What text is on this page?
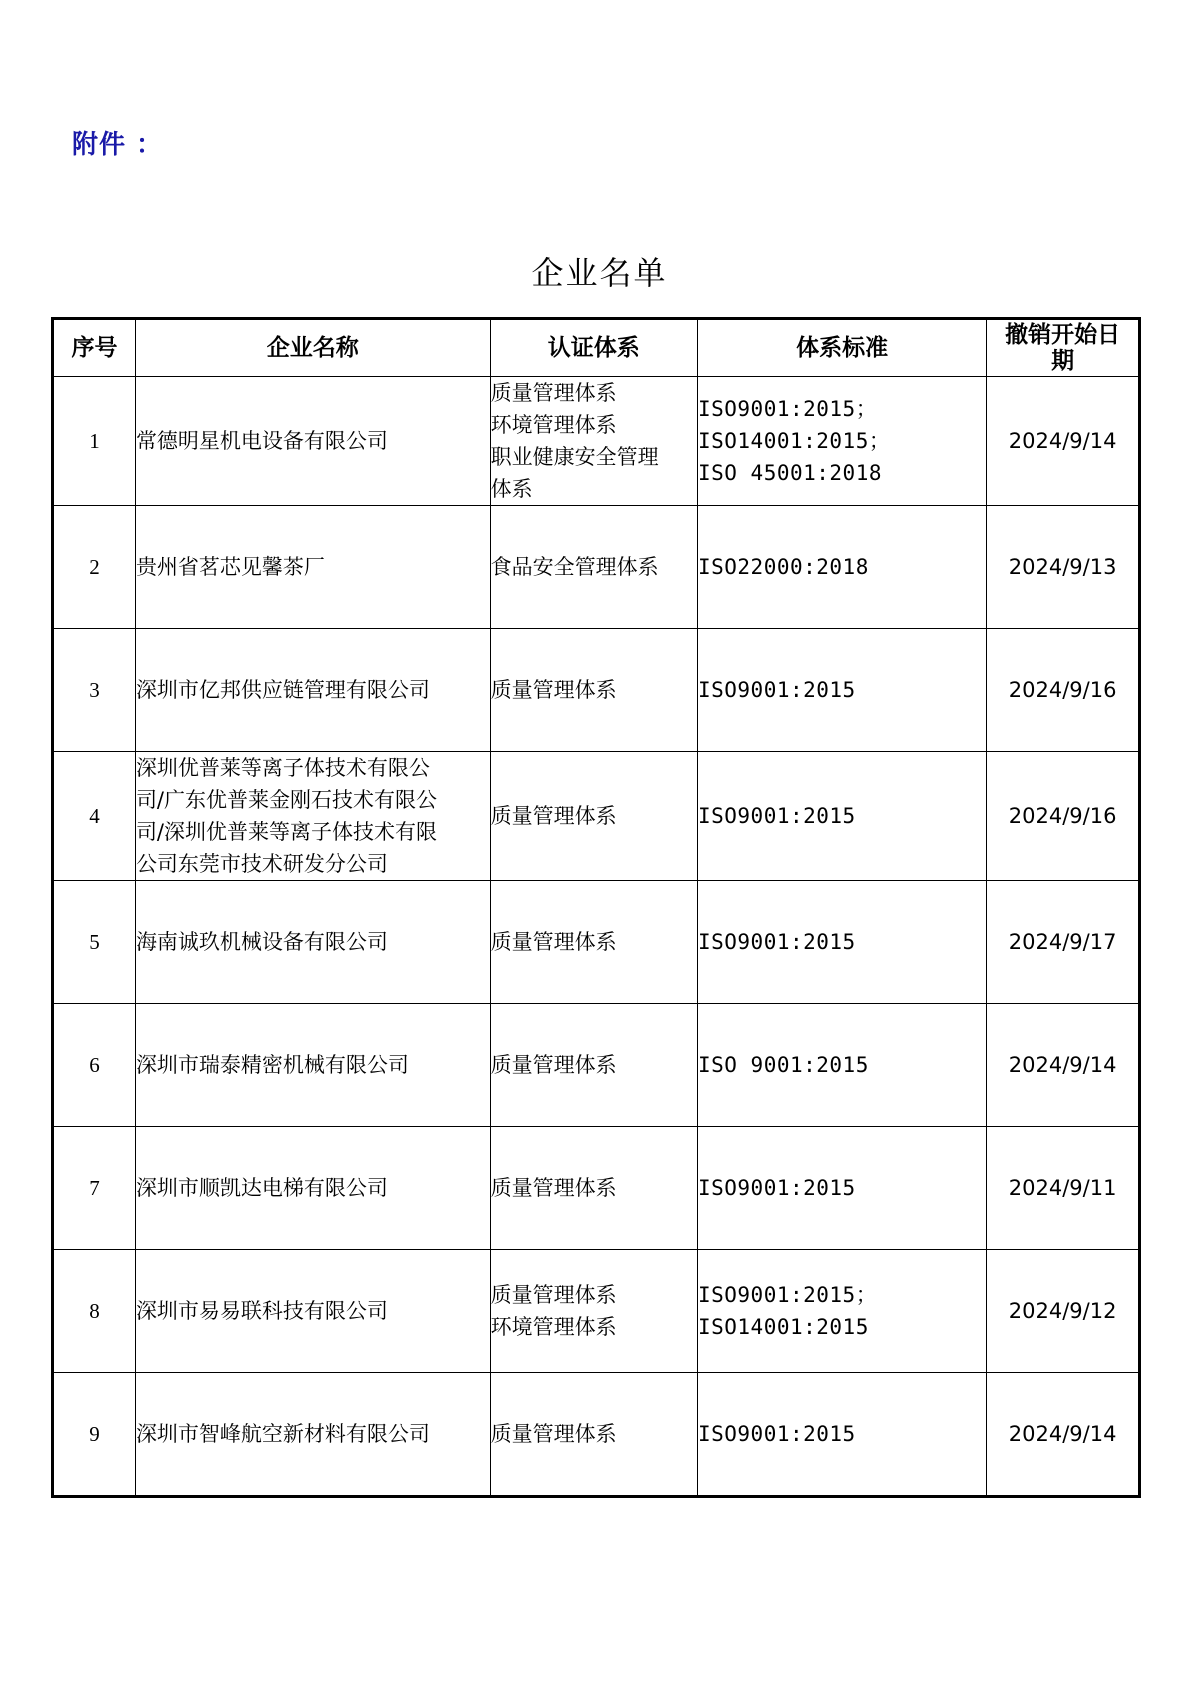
附件 ：
企业名单
序号	企业名称	认证体系	体系标准	撤销开始日
期

1	常德明星机电设备有限公司	质量管理体系
环境管理体系
职业健康安全管理
体系	ISO9001:2015；
ISO14001:2015；
ISO 45001:2018	2024/9/14
2	贵州省茗芯见馨茶厂	食品安全管理体系	ISO22000:2018	2024/9/13
3	深圳市亿邦供应链管理有限公司	质量管理体系	ISO9001:2015	2024/9/16
4	深圳优普莱等离子体技术有限公
司/广东优普莱金刚石技术有限公
司/深圳优普莱等离子体技术有限
公司东莞市技术研发分公司	质量管理体系	ISO9001:2015	2024/9/16
5	海南诚玖机械设备有限公司	质量管理体系	ISO9001:2015	2024/9/17
6	深圳市瑞泰精密机械有限公司	质量管理体系	ISO 9001:2015	2024/9/14
7	深圳市顺凯达电梯有限公司	质量管理体系	ISO9001:2015	2024/9/11
8	深圳市易易联科技有限公司	质量管理体系
环境管理体系	ISO9001:2015；
ISO14001:2015	2024/9/12
9	深圳市智峰航空新材料有限公司	质量管理体系	ISO9001:2015	2024/9/14
